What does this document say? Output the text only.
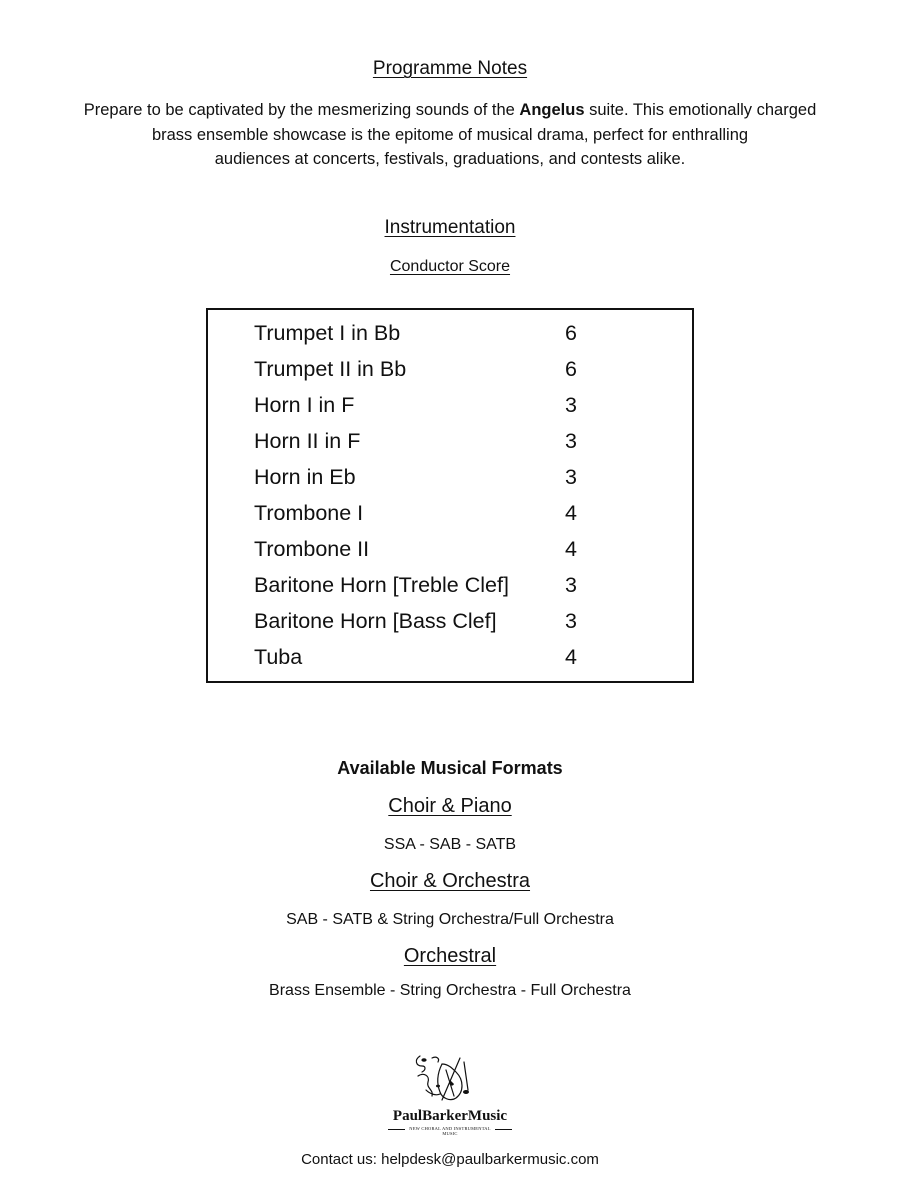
Programme Notes

Prepare to be captivated by the mesmerizing sounds of the Angelus suite. This emotionally charged

brass ensemble showcase is the epitome of musical drama, perfect for enthralling

audiences at concerts, festivals, graduations, and contests alike.

Instrumentation
Conductor Score
Trumpet I in Bb	6
Trumpet II in Bb	6
Horn I in F	3
Horn II in F	3
Horn in Eb	3
Trombone I	4
Trombone II	4
Baritone Horn [Treble Clef]	3
Baritone Horn [Bass Clef]	3
Tuba	4
Available Musical Formats
Choir & Piano
SSA - SAB - SATB
Choir & Orchestra
SAB - SATB & String Orchestra/Full Orchestra
Orchestral
Brass Ensemble - String Orchestra - Full Orchestra
PaulBarkerMusic
NEW CHORAL AND INSTRUMENTAL MUSIC
Contact us: helpdesk@paulbarkermusic.com
